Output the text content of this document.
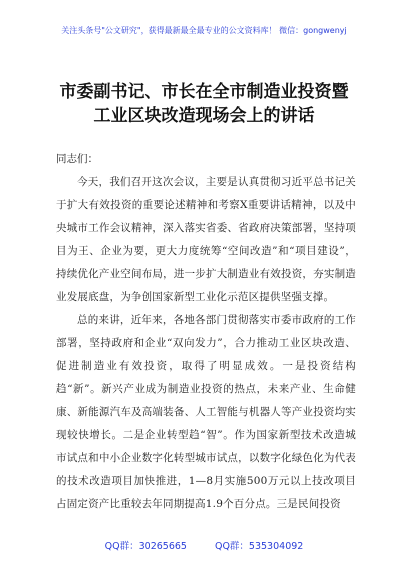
关注头条号"公文研究"，获得最新最全最专业的公文资料库！ 微信：gongwenyj
市委副书记、市长在全市制造业投资暨
工业区块改造现场会上的讲话

同志们：

今天，我们召开这次会议，主要是认真贯彻习近平总书记关于扩大有效投资的重要论述精神和考察X重要讲话精神，以及中央城市工作会议精神，深入落实省委、省政府决策部署，坚持项目为王、企业为要，更大力度统筹“空间改造”和“项目建设”，持续优化产业空间布局，进一步扩大制造业有效投资，夯实制造业发展底盘，为争创国家新型工业化示范区提供坚强支撑。

总的来讲，近年来，各地各部门贯彻落实市委市政府的工作部署，坚持政府和企业“双向发力”，合力推动工业区块改造、促进制造业有效投资，取得了明显成效。一是投资结构趋“新”。新兴产业成为制造业投资的热点，未来产业、生命健康、新能源汽车及高端装备、人工智能与机器人等产业投资均实现较快增长。二是企业转型趋“智”。作为国家新型技术改造城市试点和中小企业数字化转型城市试点，以数字化绿色化为代表的技术改造项目加快推进，1—8月实施500万元以上技改项目占固定资产比重较去年同期提高1.9个百分点。三是民间投资

QQ群：30265665	QQ群：535304092
